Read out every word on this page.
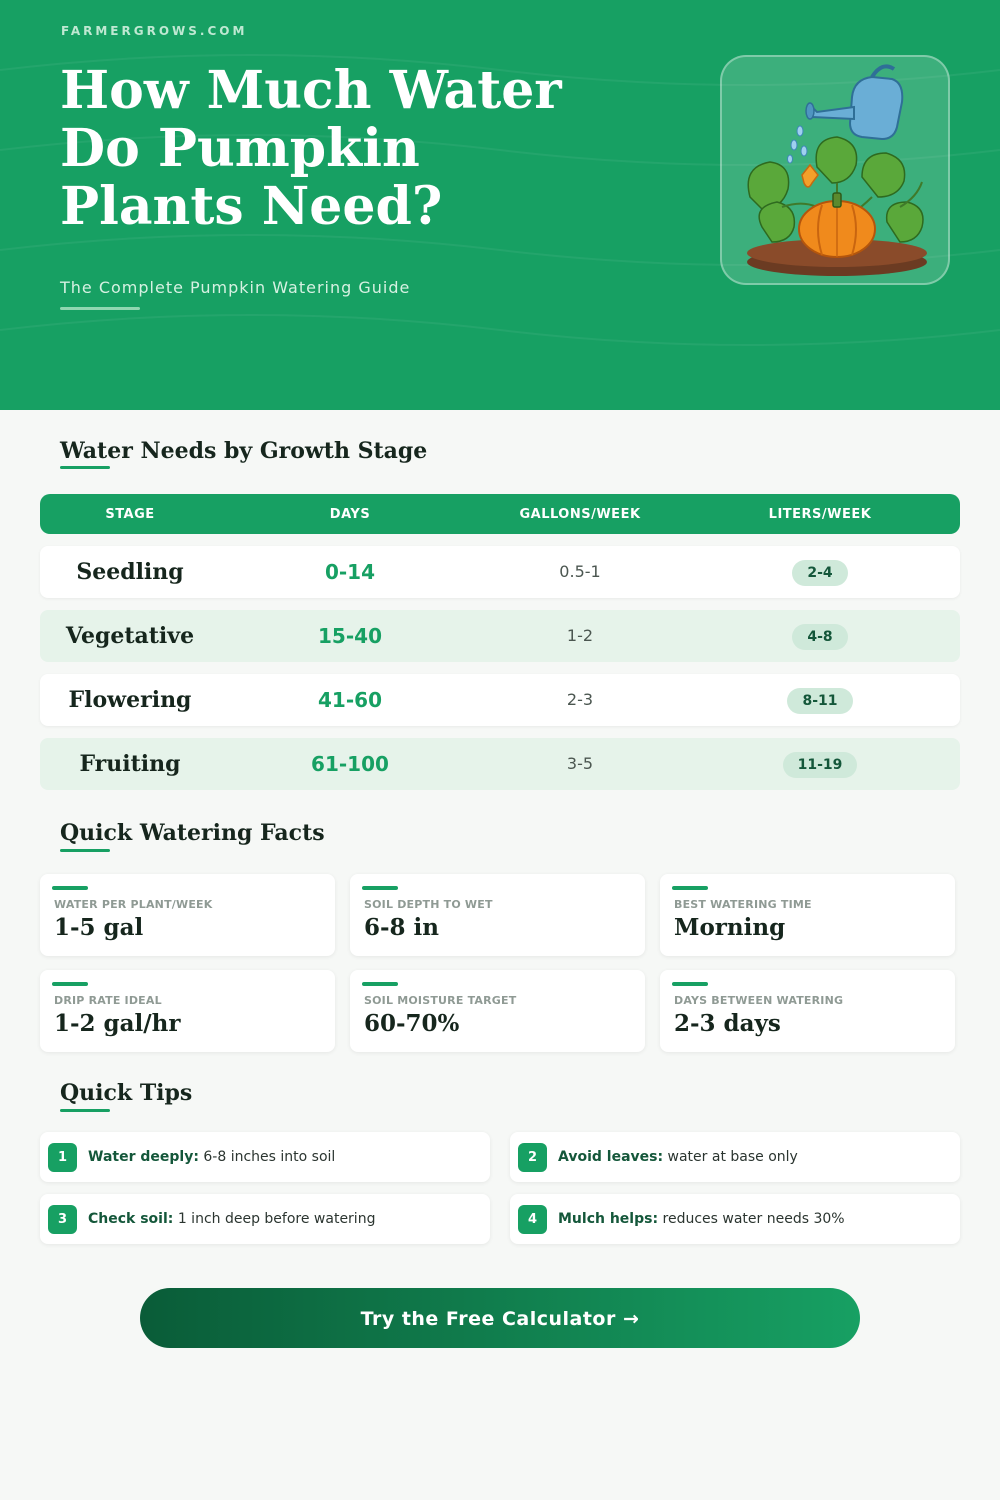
FARMERGROWS.COM
How Much Water Do Pumpkin Plants Need?
The Complete Pumpkin Watering Guide
Water Needs by Growth Stage
STAGE	DAYS	GALLONS/WEEK	LITERS/WEEK
Seedling	0-14	0.5-1	2-4
Vegetative	15-40	1-2	4-8
Flowering	41-60	2-3	8-11
Fruiting	61-100	3-5	11-19
Quick Watering Facts
WATER PER PLANT/WEEK
1-5 gal
SOIL DEPTH TO WET
6-8 in
BEST WATERING TIME
Morning
DRIP RATE IDEAL
1-2 gal/hr
SOIL MOISTURE TARGET
60-70%
DAYS BETWEEN WATERING
2-3 days
Quick Tips
1	Water deeply: 6-8 inches into soil	2	Avoid leaves: water at base only
3	Check soil: 1 inch deep before watering	4	Mulch helps: reduces water needs 30%
Try the Free Calculator →
